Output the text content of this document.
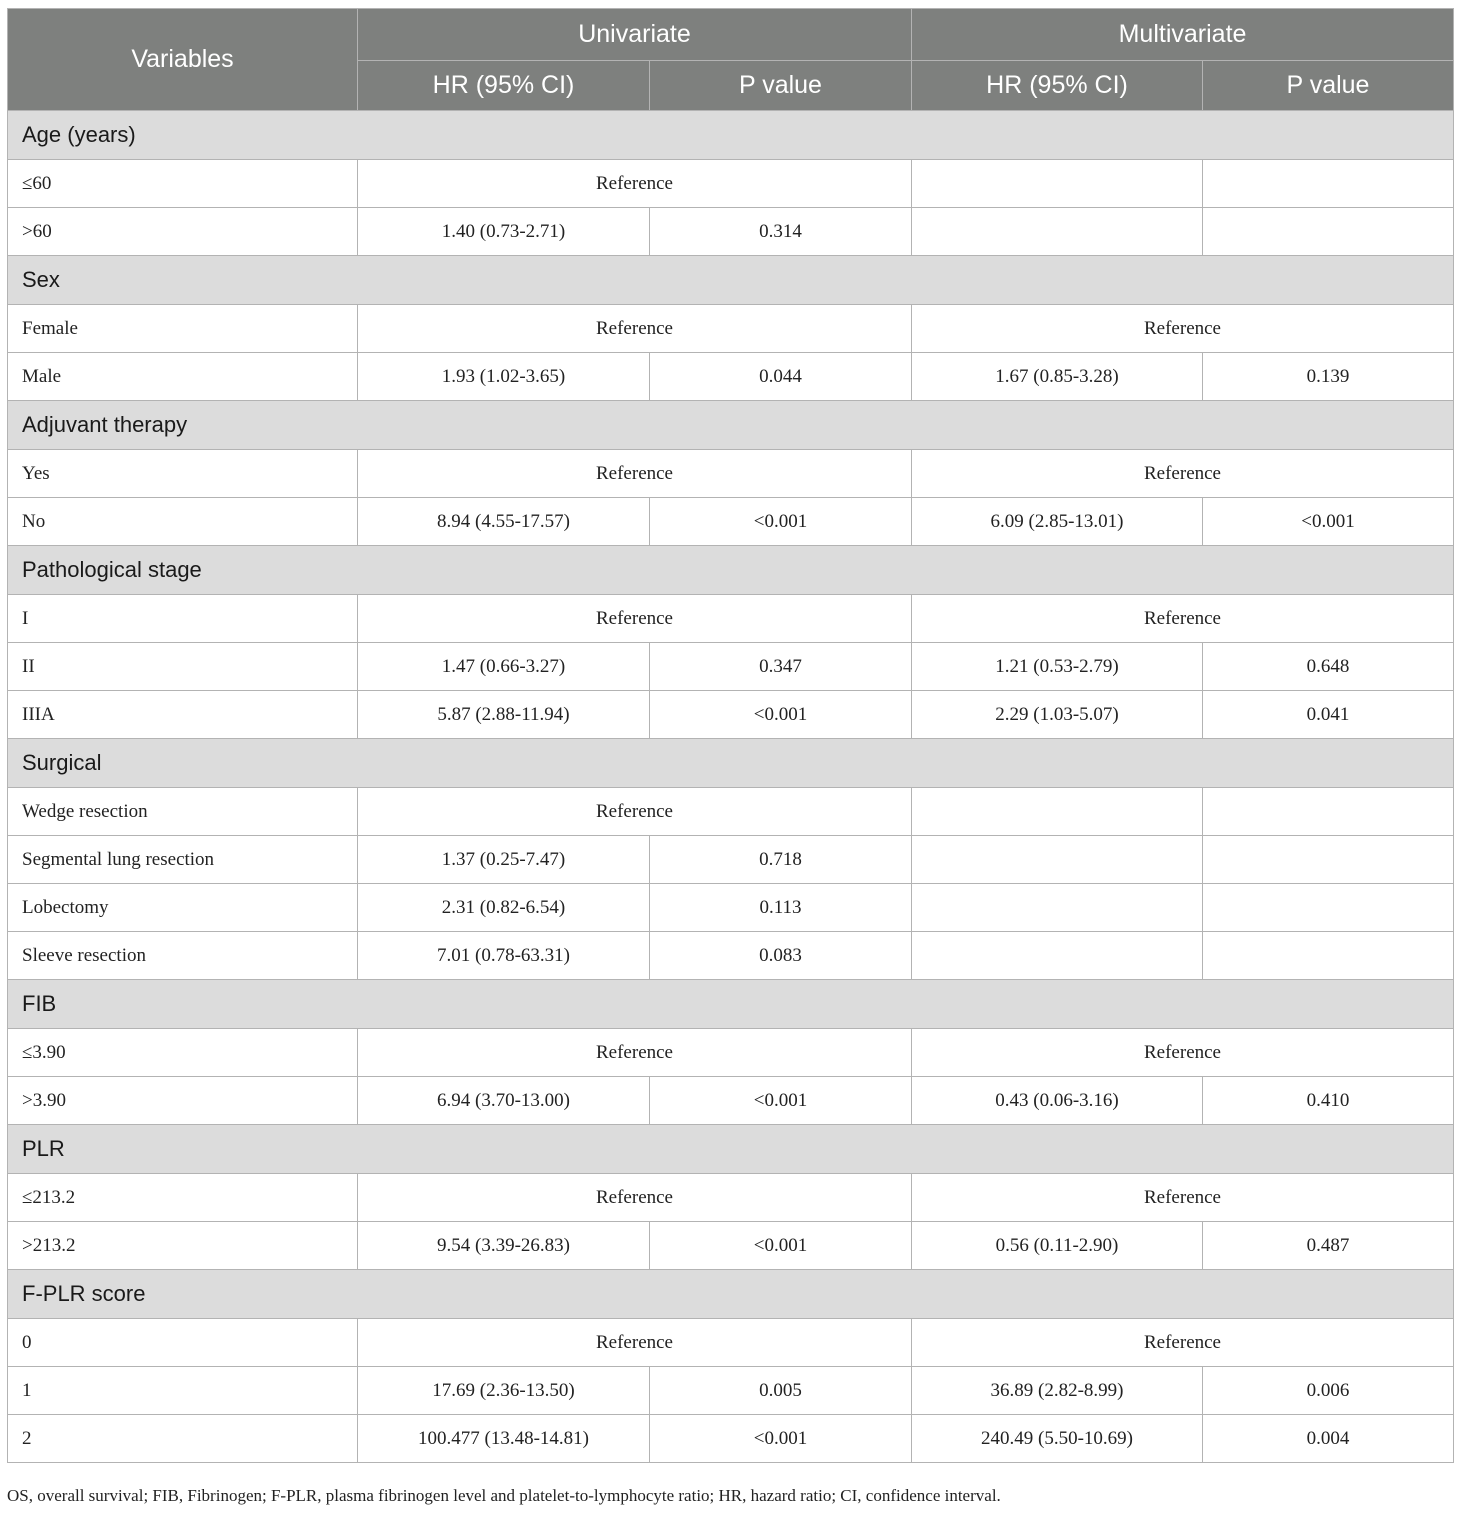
Variables	Univariate		Multivariate	
	HR (95% CI)	P value	HR (95% CI)	P value
Age (years)				
≤60	Reference			
>60	1.40 (0.73-2.71)	0.314		
Sex				
Female	Reference		Reference	
Male	1.93 (1.02-3.65)	0.044	1.67 (0.85-3.28)	0.139
Adjuvant therapy				
Yes	Reference		Reference	
No	8.94 (4.55-17.57)	<0.001	6.09 (2.85-13.01)	<0.001
Pathological stage				
I	Reference		Reference	
II	1.47 (0.66-3.27)	0.347	1.21 (0.53-2.79)	0.648
IIIA	5.87 (2.88-11.94)	<0.001	2.29 (1.03-5.07)	0.041
Surgical				
Wedge resection	Reference			
Segmental lung resection	1.37 (0.25-7.47)	0.718		
Lobectomy	2.31 (0.82-6.54)	0.113		
Sleeve resection	7.01 (0.78-63.31)	0.083		
FIB				
≤3.90	Reference		Reference	
>3.90	6.94 (3.70-13.00)	<0.001	0.43 (0.06-3.16)	0.410
PLR				
≤213.2	Reference		Reference	
>213.2	9.54 (3.39-26.83)	<0.001	0.56 (0.11-2.90)	0.487
F-PLR score				
0	Reference		Reference	
1	17.69 (2.36-13.50)	0.005	36.89 (2.82-8.99)	0.006
2	100.477 (13.48-14.81)	<0.001	240.49 (5.50-10.69)	0.004
OS, overall survival; FIB, Fibrinogen; F-PLR, plasma fibrinogen level and platelet-to-lymphocyte ratio; HR, hazard ratio; CI, confidence interval.
